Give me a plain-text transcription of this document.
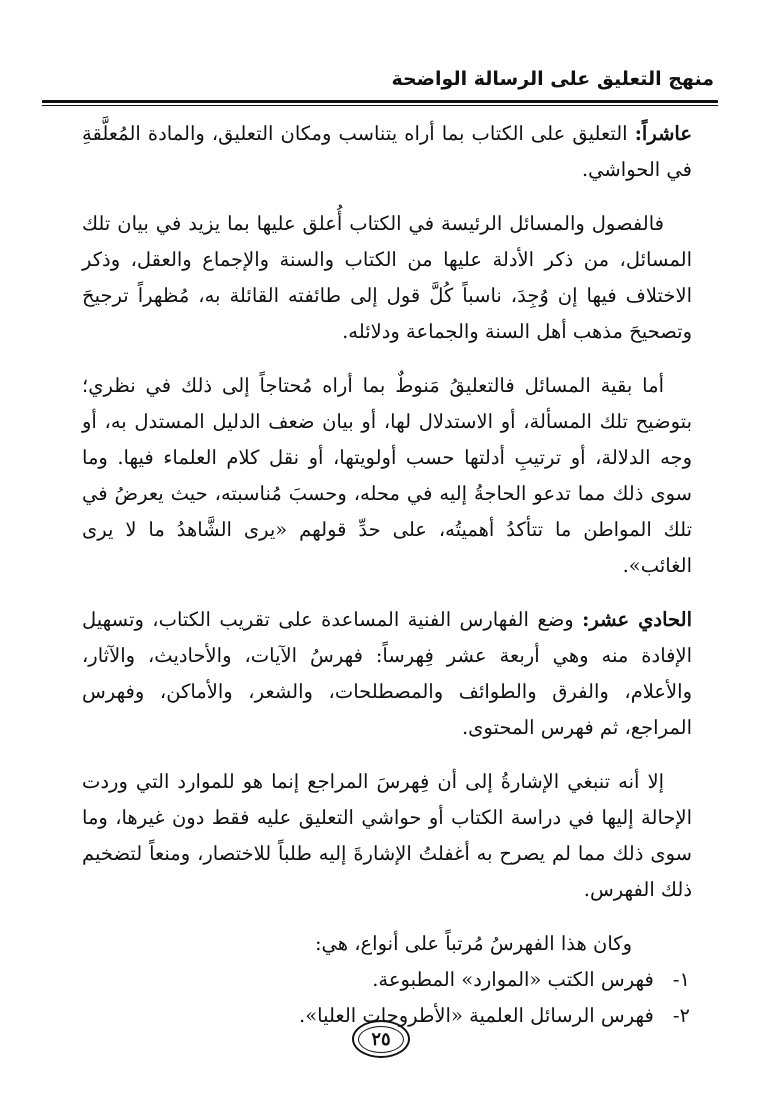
منهج التعليق على الرسالة الواضحة

عاشراً: التعليق على الكتاب بما أراه يتناسب ومكان التعليق، والمادة المُعلَّقةِ في الحواشي.

فالفصول والمسائل الرئيسة في الكتاب أُعلق عليها بما يزيد في بيان تلك المسائل، من ذكر الأدلة عليها من الكتاب والسنة والإجماع والعقل، وذكر الاختلاف فيها إن وُجِدَ، ناسباً كُلَّ قول إلى طائفته القائلة به، مُظهراً ترجيحَ وتصحيحَ مذهب أهل السنة والجماعة ودلائله.

أما بقية المسائل فالتعليقُ مَنوطٌ بما أراه مُحتاجاً إلى ذلك في نظري؛ بتوضيح تلك المسألة، أو الاستدلال لها، أو بيان ضعف الدليل المستدل به، أو وجه الدلالة، أو ترتيبِ أدلتها حسب أولويتها، أو نقل كلام العلماء فيها. وما سوى ذلك مما تدعو الحاجةُ إليه في محله، وحسبَ مُناسبته، حيث يعرضُ في تلك المواطن ما تتأكدُ أهميتُه، على حدِّ قولهم «يرى الشَّاهدُ ما لا يرى الغائب».

الحادي عشر: وضع الفهارس الفنية المساعدة على تقريب الكتاب، وتسهيل الإفادة منه وهي أربعة عشر فِهرساً: فهرسُ الآيات، والأحاديث، والآثار، والأعلام، والفرق والطوائف والمصطلحات، والشعر، والأماكن، وفهرس المراجع، ثم فهرس المحتوى.

إلا أنه تنبغي الإشارةُ إلى أن فِهرسَ المراجع إنما هو للموارد التي وردت الإحالة إليها في دراسة الكتاب أو حواشي التعليق عليه فقط دون غيرها، وما سوى ذلك مما لم يصرح به أغفلتُ الإشارةَ إليه طلباً للاختصار، ومنعاً لتضخيم ذلك الفهرس.

وكان هذا الفهرسُ مُرتباً على أنواع، هي:

١- فهرس الكتب «الموارد» المطبوعة.
٢- فهرس الرسائل العلمية «الأطروحات العليا».
٢٥
